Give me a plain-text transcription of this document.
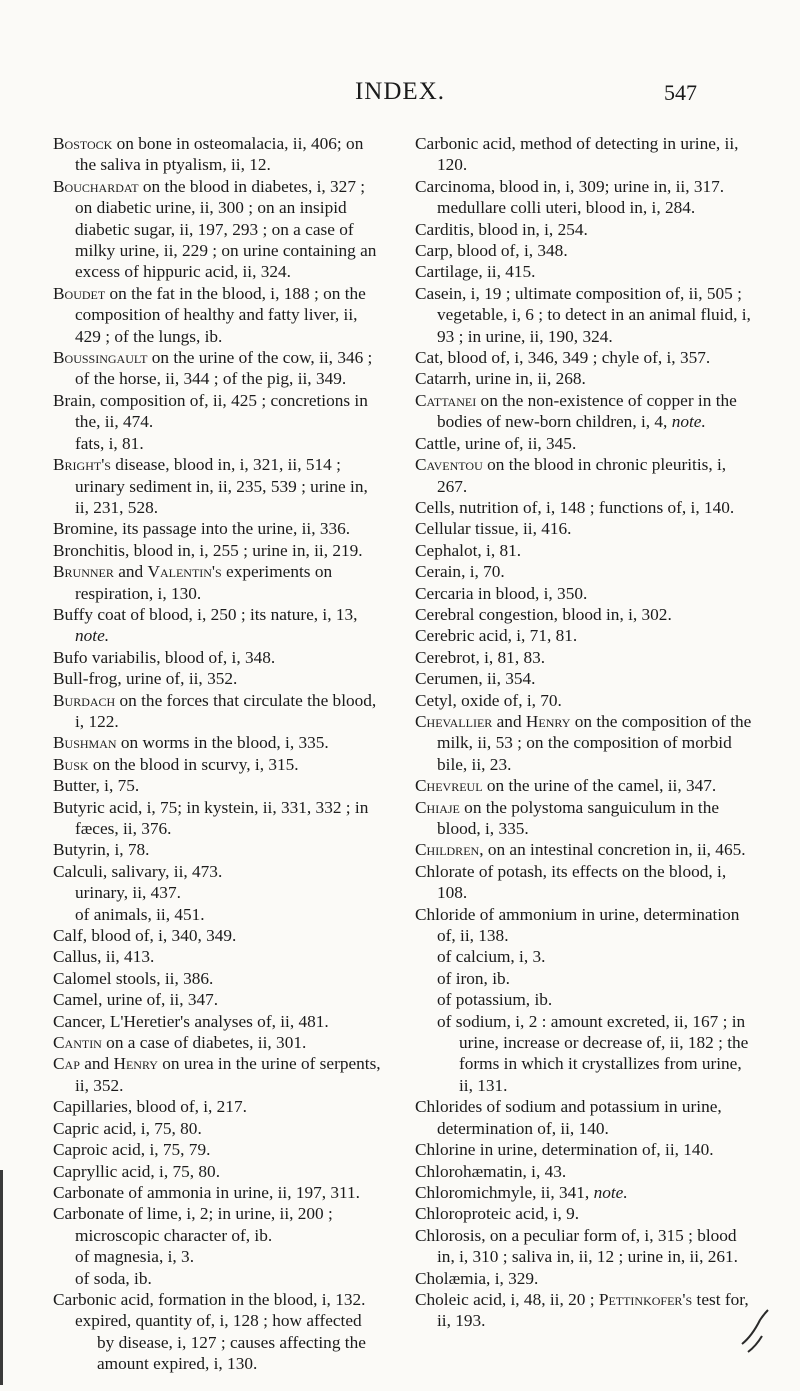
INDEX.	547
Bostock on bone in osteomalacia, ii, 406; on the saliva in ptyalism, ii, 12.
Bouchardat on the blood in diabetes, i, 327 ; on diabetic urine, ii, 300 ; on an insipid diabetic sugar, ii, 197, 293 ; on a case of milky urine, ii, 229 ; on urine containing an excess of hippuric acid, ii, 324.
Boudet on the fat in the blood, i, 188 ; on the composition of healthy and fatty liver, ii, 429 ; of the lungs, ib.
Boussingault on the urine of the cow, ii, 346 ; of the horse, ii, 344 ; of the pig, ii, 349.
Brain, composition of, ii, 425 ; concretions in the, ii, 474.
fats, i, 81.
Bright's disease, blood in, i, 321, ii, 514 ; urinary sediment in, ii, 235, 539 ; urine in, ii, 231, 528.
Bromine, its passage into the urine, ii, 336.
Bronchitis, blood in, i, 255 ; urine in, ii, 219.
Brunner and Valentin's experiments on respiration, i, 130.
Buffy coat of blood, i, 250 ; its nature, i, 13, note.
Bufo variabilis, blood of, i, 348.
Bull-frog, urine of, ii, 352.
Burdach on the forces that circulate the blood, i, 122.
Bushman on worms in the blood, i, 335.
Busk on the blood in scurvy, i, 315.
Butter, i, 75.
Butyric acid, i, 75; in kystein, ii, 331, 332 ; in fæces, ii, 376.
Butyrin, i, 78.
Calculi, salivary, ii, 473.
urinary, ii, 437.
of animals, ii, 451.
Calf, blood of, i, 340, 349.
Callus, ii, 413.
Calomel stools, ii, 386.
Camel, urine of, ii, 347.
Cancer, L'Heretier's analyses of, ii, 481.
Cantin on a case of diabetes, ii, 301.
Cap and Henry on urea in the urine of serpents, ii, 352.
Capillaries, blood of, i, 217.
Capric acid, i, 75, 80.
Caproic acid, i, 75, 79.
Capryllic acid, i, 75, 80.
Carbonate of ammonia in urine, ii, 197, 311.
Carbonate of lime, i, 2; in urine, ii, 200 ; microscopic character of, ib.
of magnesia, i, 3.
of soda, ib.
Carbonic acid, formation in the blood, i, 132.
expired, quantity of, i, 128 ; how affected by disease, i, 127 ; causes affecting the amount expired, i, 130.
Carbonic acid, method of detecting in urine, ii, 120.
Carcinoma, blood in, i, 309; urine in, ii, 317.
medullare colli uteri, blood in, i, 284.
Carditis, blood in, i, 254.
Carp, blood of, i, 348.
Cartilage, ii, 415.
Casein, i, 19 ; ultimate composition of, ii, 505 ; vegetable, i, 6 ; to detect in an animal fluid, i, 93 ; in urine, ii, 190, 324.
Cat, blood of, i, 346, 349 ; chyle of, i, 357.
Catarrh, urine in, ii, 268.
Cattanei on the non-existence of copper in the bodies of new-born children, i, 4, note.
Cattle, urine of, ii, 345.
Caventou on the blood in chronic pleuritis, i, 267.
Cells, nutrition of, i, 148 ; functions of, i, 140.
Cellular tissue, ii, 416.
Cephalot, i, 81.
Cerain, i, 70.
Cercaria in blood, i, 350.
Cerebral congestion, blood in, i, 302.
Cerebric acid, i, 71, 81.
Cerebrot, i, 81, 83.
Cerumen, ii, 354.
Cetyl, oxide of, i, 70.
Chevallier and Henry on the composition of the milk, ii, 53 ; on the composition of morbid bile, ii, 23.
Chevreul on the urine of the camel, ii, 347.
Chiaje on the polystoma sanguiculum in the blood, i, 335.
Children, on an intestinal concretion in, ii, 465.
Chlorate of potash, its effects on the blood, i, 108.
Chloride of ammonium in urine, determination of, ii, 138.
of calcium, i, 3.
of iron, ib.
of potassium, ib.
of sodium, i, 2 : amount excreted, ii, 167 ; in urine, increase or decrease of, ii, 182 ; the forms in which it crystallizes from urine, ii, 131.
Chlorides of sodium and potassium in urine, determination of, ii, 140.
Chlorine in urine, determination of, ii, 140.
Chlorohæmatin, i, 43.
Chloromichmyle, ii, 341, note.
Chloroproteic acid, i, 9.
Chlorosis, on a peculiar form of, i, 315 ; blood in, i, 310 ; saliva in, ii, 12 ; urine in, ii, 261.
Cholæmia, i, 329.
Choleic acid, i, 48, ii, 20 ; Pettinkofer's test for, ii, 193.
